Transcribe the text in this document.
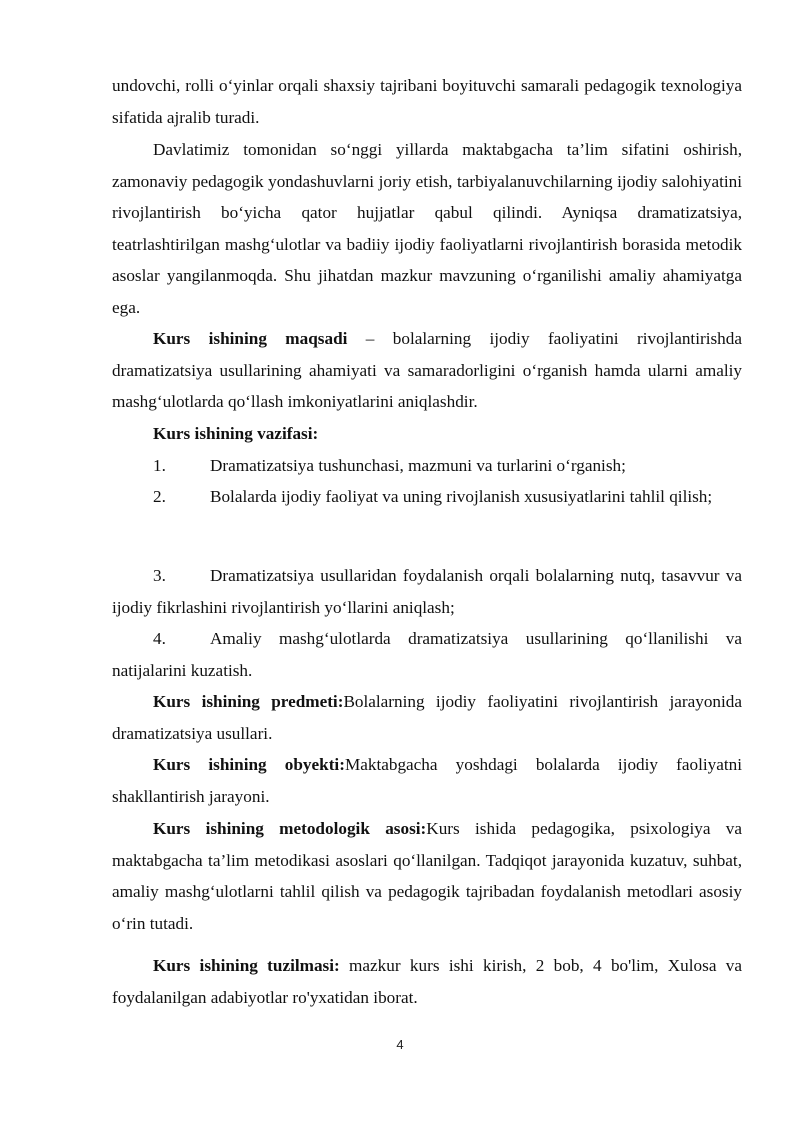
undovchi, rolli o‘yinlar orqali shaxsiy tajribani boyituvchi samarali pedagogik texnologiya sifatida ajralib turadi.

Davlatimiz tomonidan so‘nggi yillarda maktabgacha ta’lim sifatini oshirish, zamonaviy pedagogik yondashuvlarni joriy etish, tarbiyalanuvchilarning ijodiy salohiyatini rivojlantirish bo‘yicha qator hujjatlar qabul qilindi. Ayniqsa dramatizatsiya, teatrlashtirilgan mashg‘ulotlar va badiiy ijodiy faoliyatlarni rivojlantirish borasida metodik asoslar yangilanmoqda. Shu jihatdan mazkur mavzuning o‘rganilishi amaliy ahamiyatga ega.

Kurs ishining maqsadi – bolalarning ijodiy faoliyatini rivojlantirishda dramatizatsiya usullarining ahamiyati va samaradorligini o‘rganish hamda ularni amaliy mashg‘ulotlarda qo‘llash imkoniyatlarini aniqlashdir.

Kurs ishining vazifasi:

1.	Dramatizatsiya tushunchasi, mazmuni va turlarini o‘rganish;

2.	Bolalarda ijodiy faoliyat va uning rivojlanish xususiyatlarini tahlil qilish;

3.	Dramatizatsiya usullaridan foydalanish orqali bolalarning nutq, tasavvur va ijodiy fikrlashini rivojlantirish yo‘llarini aniqlash;

4.	Amaliy mashg‘ulotlarda dramatizatsiya usullarining qo‘llanilishi va natijalarini kuzatish.

Kurs ishining predmeti:Bolalarning ijodiy faoliyatini rivojlantirish jarayonida dramatizatsiya usullari.

Kurs ishining obyekti:Maktabgacha yoshdagi bolalarda ijodiy faoliyatni shakllantirish jarayoni.

Kurs ishining metodologik asosi:Kurs ishida pedagogika, psixologiya va maktabgacha ta’lim metodikasi asoslari qo‘llanilgan. Tadqiqot jarayonida kuzatuv, suhbat, amaliy mashg‘ulotlarni tahlil qilish va pedagogik tajribadan foydalanish metodlari asosiy o‘rin tutadi.

Kurs ishining tuzilmasi: mazkur kurs ishi kirish, 2 bob, 4 bo'lim, Xulosa va foydalanilgan adabiyotlar ro'yxatidan iborat.

4
